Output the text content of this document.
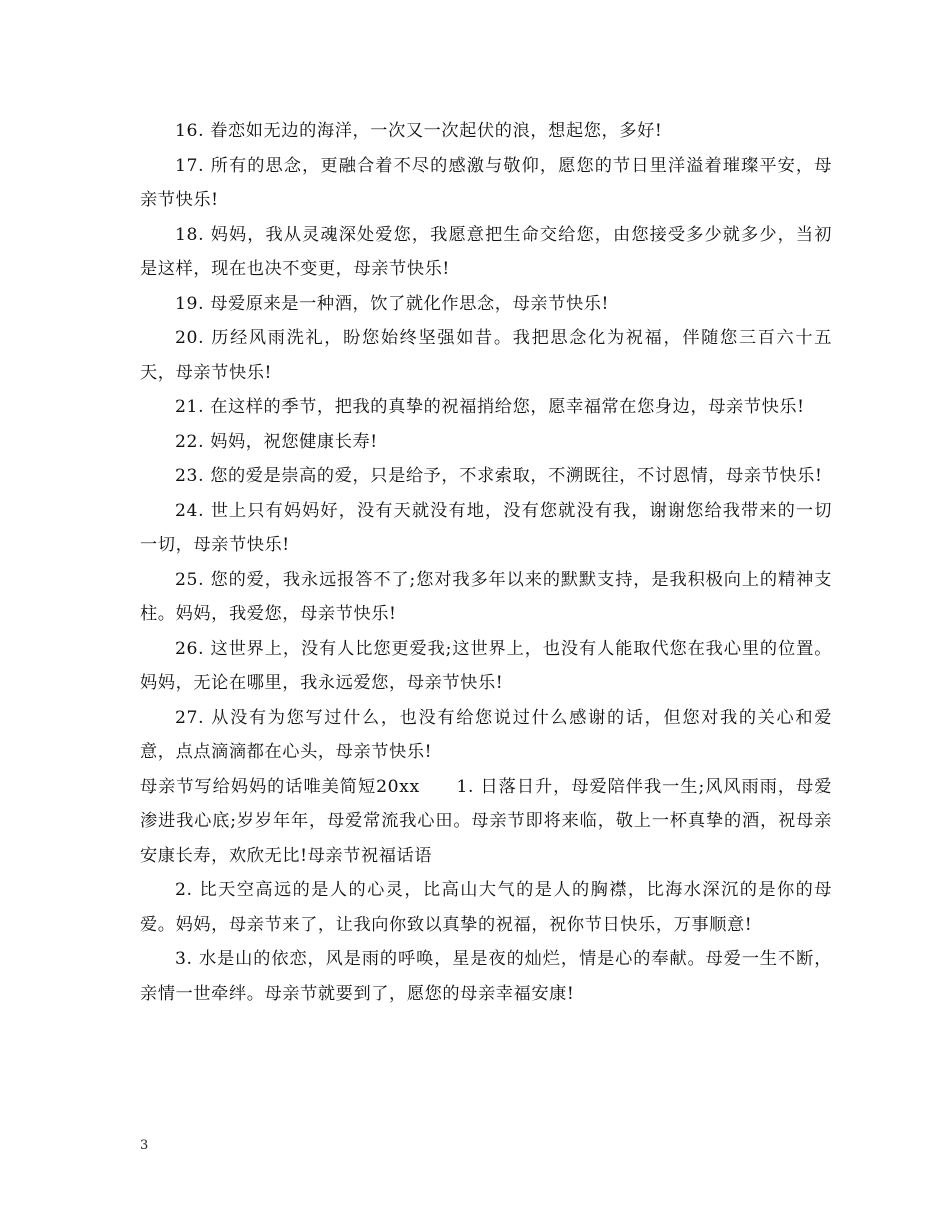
16. 眷恋如无边的海洋，一次又一次起伏的浪，想起您，多好!

17. 所有的思念，更融合着不尽的感激与敬仰，愿您的节日里洋溢着璀璨平安，母亲节快乐!

18. 妈妈，我从灵魂深处爱您，我愿意把生命交给您，由您接受多少就多少，当初是这样，现在也决不变更，母亲节快乐!

19. 母爱原来是一种酒，饮了就化作思念，母亲节快乐!

20. 历经风雨洗礼，盼您始终坚强如昔。我把思念化为祝福，伴随您三百六十五天，母亲节快乐!

21. 在这样的季节，把我的真挚的祝福捎给您，愿幸福常在您身边，母亲节快乐!

22. 妈妈，祝您健康长寿!

23. 您的爱是崇高的爱，只是给予，不求索取，不溯既往，不讨恩情，母亲节快乐!

24. 世上只有妈妈好，没有天就没有地，没有您就没有我，谢谢您给我带来的一切一切，母亲节快乐!

25. 您的爱，我永远报答不了;您对我多年以来的默默支持，是我积极向上的精神支柱。妈妈，我爱您，母亲节快乐!

26. 这世界上，没有人比您更爱我;这世界上，也没有人能取代您在我心里的位置。妈妈，无论在哪里，我永远爱您，母亲节快乐!

27. 从没有为您写过什么，也没有给您说过什么感谢的话，但您对我的关心和爱意，点点滴滴都在心头，母亲节快乐!

母亲节写给妈妈的话唯美简短20xx　　1. 日落日升，母爱陪伴我一生;风风雨雨，母爱渗进我心底;岁岁年年，母爱常流我心田。母亲节即将来临，敬上一杯真挚的酒，祝母亲安康长寿，欢欣无比!母亲节祝福话语

2. 比天空高远的是人的心灵，比高山大气的是人的胸襟，比海水深沉的是你的母爱。妈妈，母亲节来了，让我向你致以真挚的祝福，祝你节日快乐，万事顺意!

3. 水是山的依恋，风是雨的呼唤，星是夜的灿烂，情是心的奉献。母爱一生不断，亲情一世牵绊。母亲节就要到了，愿您的母亲幸福安康!

3
